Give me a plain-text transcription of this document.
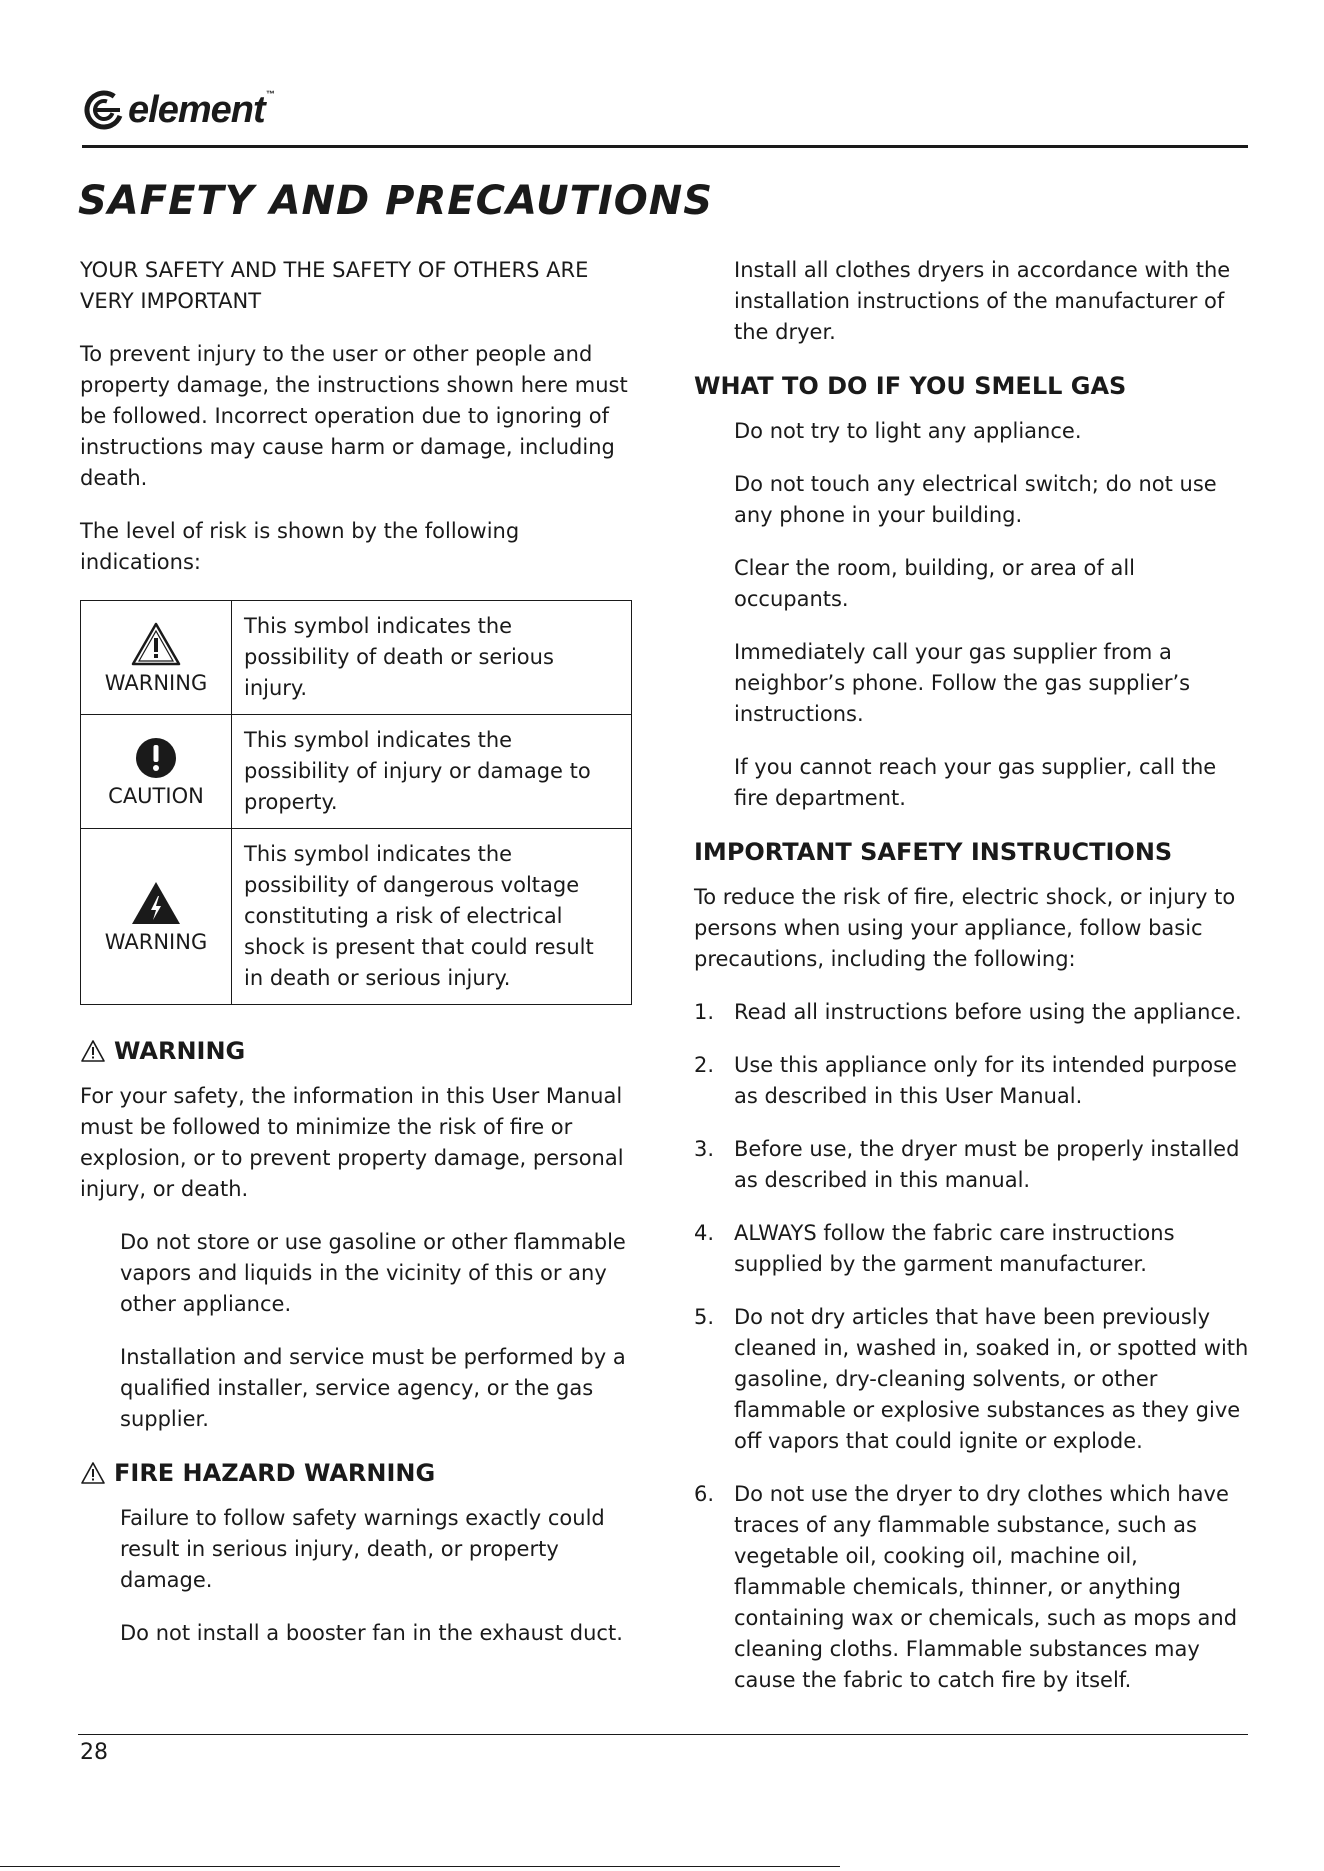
element™
SAFETY AND PRECAUTIONS

YOUR SAFETY AND THE SAFETY OF OTHERS ARE VERY IMPORTANT

To prevent injury to the user or other people and property damage, the instructions shown here must be followed. Incorrect operation due to ignoring of instructions may cause harm or damage, including death.

The level of risk is shown by the following indications:

WARNING	This symbol indicates the possibility of death or serious injury.

CAUTION	This symbol indicates the possibility of injury or damage to property.

WARNING	This symbol indicates the possibility of dangerous voltage constituting a risk of electrical shock is present that could result in death or serious injury.

WARNING

For your safety, the information in this User Manual must be followed to minimize the risk of fire or explosion, or to prevent property damage, personal injury, or death.

Do not store or use gasoline or other flammable vapors and liquids in the vicinity of this or any other appliance.

Installation and service must be performed by a qualified installer, service agency, or the gas supplier.

FIRE HAZARD WARNING

Failure to follow safety warnings exactly could result in serious injury, death, or property damage.

Do not install a booster fan in the exhaust duct.

Install all clothes dryers in accordance with the installation instructions of the manufacturer of the dryer.

WHAT TO DO IF YOU SMELL GAS

Do not try to light any appliance.

Do not touch any electrical switch; do not use any phone in your building.

Clear the room, building, or area of all occupants.

Immediately call your gas supplier from a neighbor’s phone. Follow the gas supplier’s instructions.

If you cannot reach your gas supplier, call the fire department.

IMPORTANT SAFETY INSTRUCTIONS

To reduce the risk of fire, electric shock, or injury to persons when using your appliance, follow basic precautions, including the following:

1. Read all instructions before using the appliance.
2. Use this appliance only for its intended purpose as described in this User Manual.
3. Before use, the dryer must be properly installed as described in this manual.
4. ALWAYS follow the fabric care instructions supplied by the garment manufacturer.
5. Do not dry articles that have been previously cleaned in, washed in, soaked in, or spotted with gasoline, dry-cleaning solvents, or other flammable or explosive substances as they give off vapors that could ignite or explode.
6. Do not use the dryer to dry clothes which have traces of any flammable substance, such as vegetable oil, cooking oil, machine oil, flammable chemicals, thinner, or anything containing wax or chemicals, such as mops and cleaning cloths. Flammable substances may cause the fabric to catch fire by itself.
28
